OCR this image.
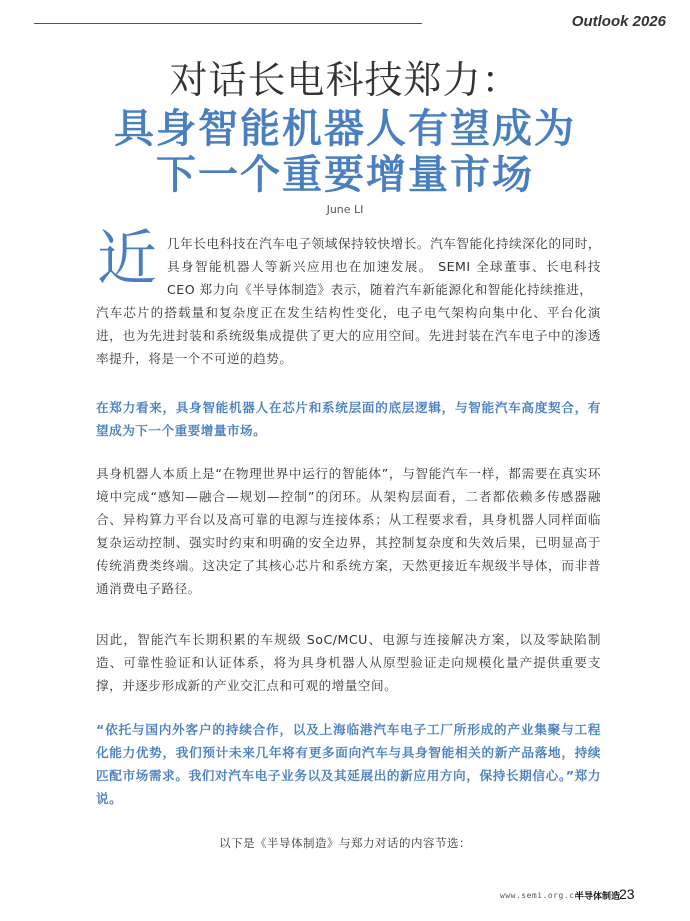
Outlook 2026
对话长电科技郑力：
具身智能机器人有望成为
下一个重要增量市场
June LI
近 几年长电科技在汽车电子领域保持较快增长。汽车智能化持续深化的同时，具身智能机器人等新兴应用也在加速发展。 SEMI 全球董事、长电科技 CEO 郑力向《半导体制造》表示，随着汽车新能源化和智能化持续推进，
汽车芯片的搭载量和复杂度正在发生结构性变化，电子电气架构向集中化、平台化演进，也为先进封装和系统级集成提供了更大的应用空间。先进封装在汽车电子中的渗透率提升，将是一个不可逆的趋势。
在郑力看来，具身智能机器人在芯片和系统层面的底层逻辑，与智能汽车高度契合，有望成为下一个重要增量市场。
具身机器人本质上是“在物理世界中运行的智能体”，与智能汽车一样，都需要在真实环境中完成“感知—融合—规划—控制”的闭环。从架构层面看，二者都依赖多传感器融合、异构算力平台以及高可靠的电源与连接体系；从工程要求看，具身机器人同样面临复杂运动控制、强实时约束和明确的安全边界，其控制复杂度和失效后果，已明显高于传统消费类终端。这决定了其核心芯片和系统方案，天然更接近车规级半导体，而非普通消费电子路径。
因此，智能汽车长期积累的车规级 SoC/MCU、电源与连接解决方案，以及零缺陷制造、可靠性验证和认证体系，将为具身机器人从原型验证走向规模化量产提供重要支撑，并逐步形成新的产业交汇点和可观的增量空间。
“依托与国内外客户的持续合作，以及上海临港汽车电子工厂所形成的产业集聚与工程化能力优势，我们预计未来几年将有更多面向汽车与具身智能相关的新产品落地，持续匹配市场需求。我们对汽车电子业务以及其延展出的新应用方向，保持长期信心。”郑力说。
以下是《半导体制造》与郑力对话的内容节选：
www.semi.org.cn
半导体制造
23
